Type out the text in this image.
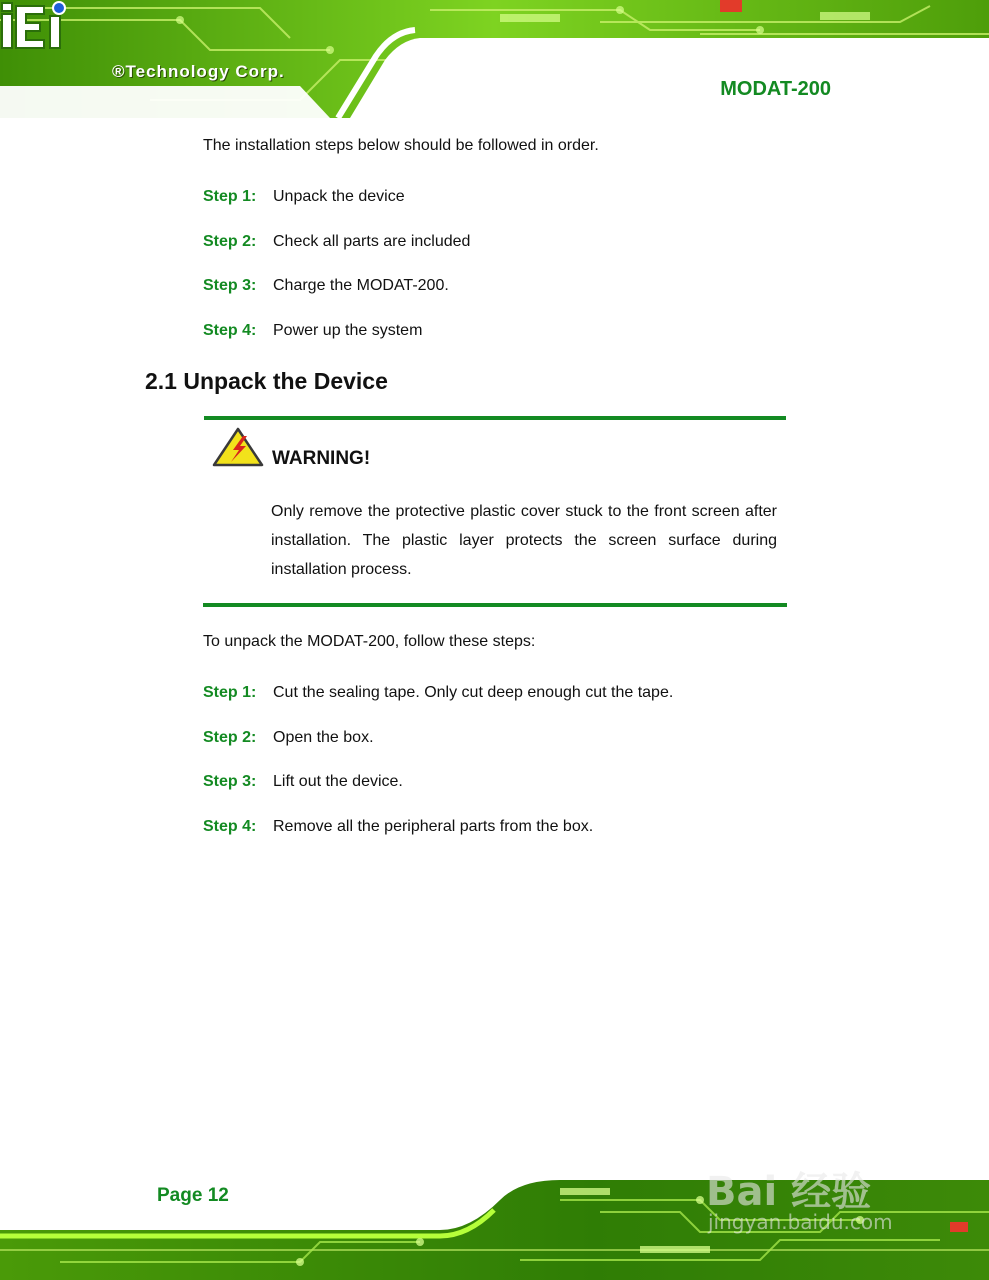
®Technology Corp.
MODAT-200
The installation steps below should be followed in order.
Step 1: Unpack the device
Step 2: Check all parts are included
Step 3: Charge the MODAT-200.
Step 4: Power up the system
2.1 Unpack the Device
WARNING!
Only remove the protective plastic cover stuck to the front screen after installation. The plastic layer protects the screen surface during installation process.
To unpack the MODAT-200, follow these steps:
Step 1: Cut the sealing tape. Only cut deep enough cut the tape.
Step 2: Open the box.
Step 3: Lift out the device.
Step 4: Remove all the peripheral parts from the box.
Page 12	Bai 经验
jingyan.baidu.com
